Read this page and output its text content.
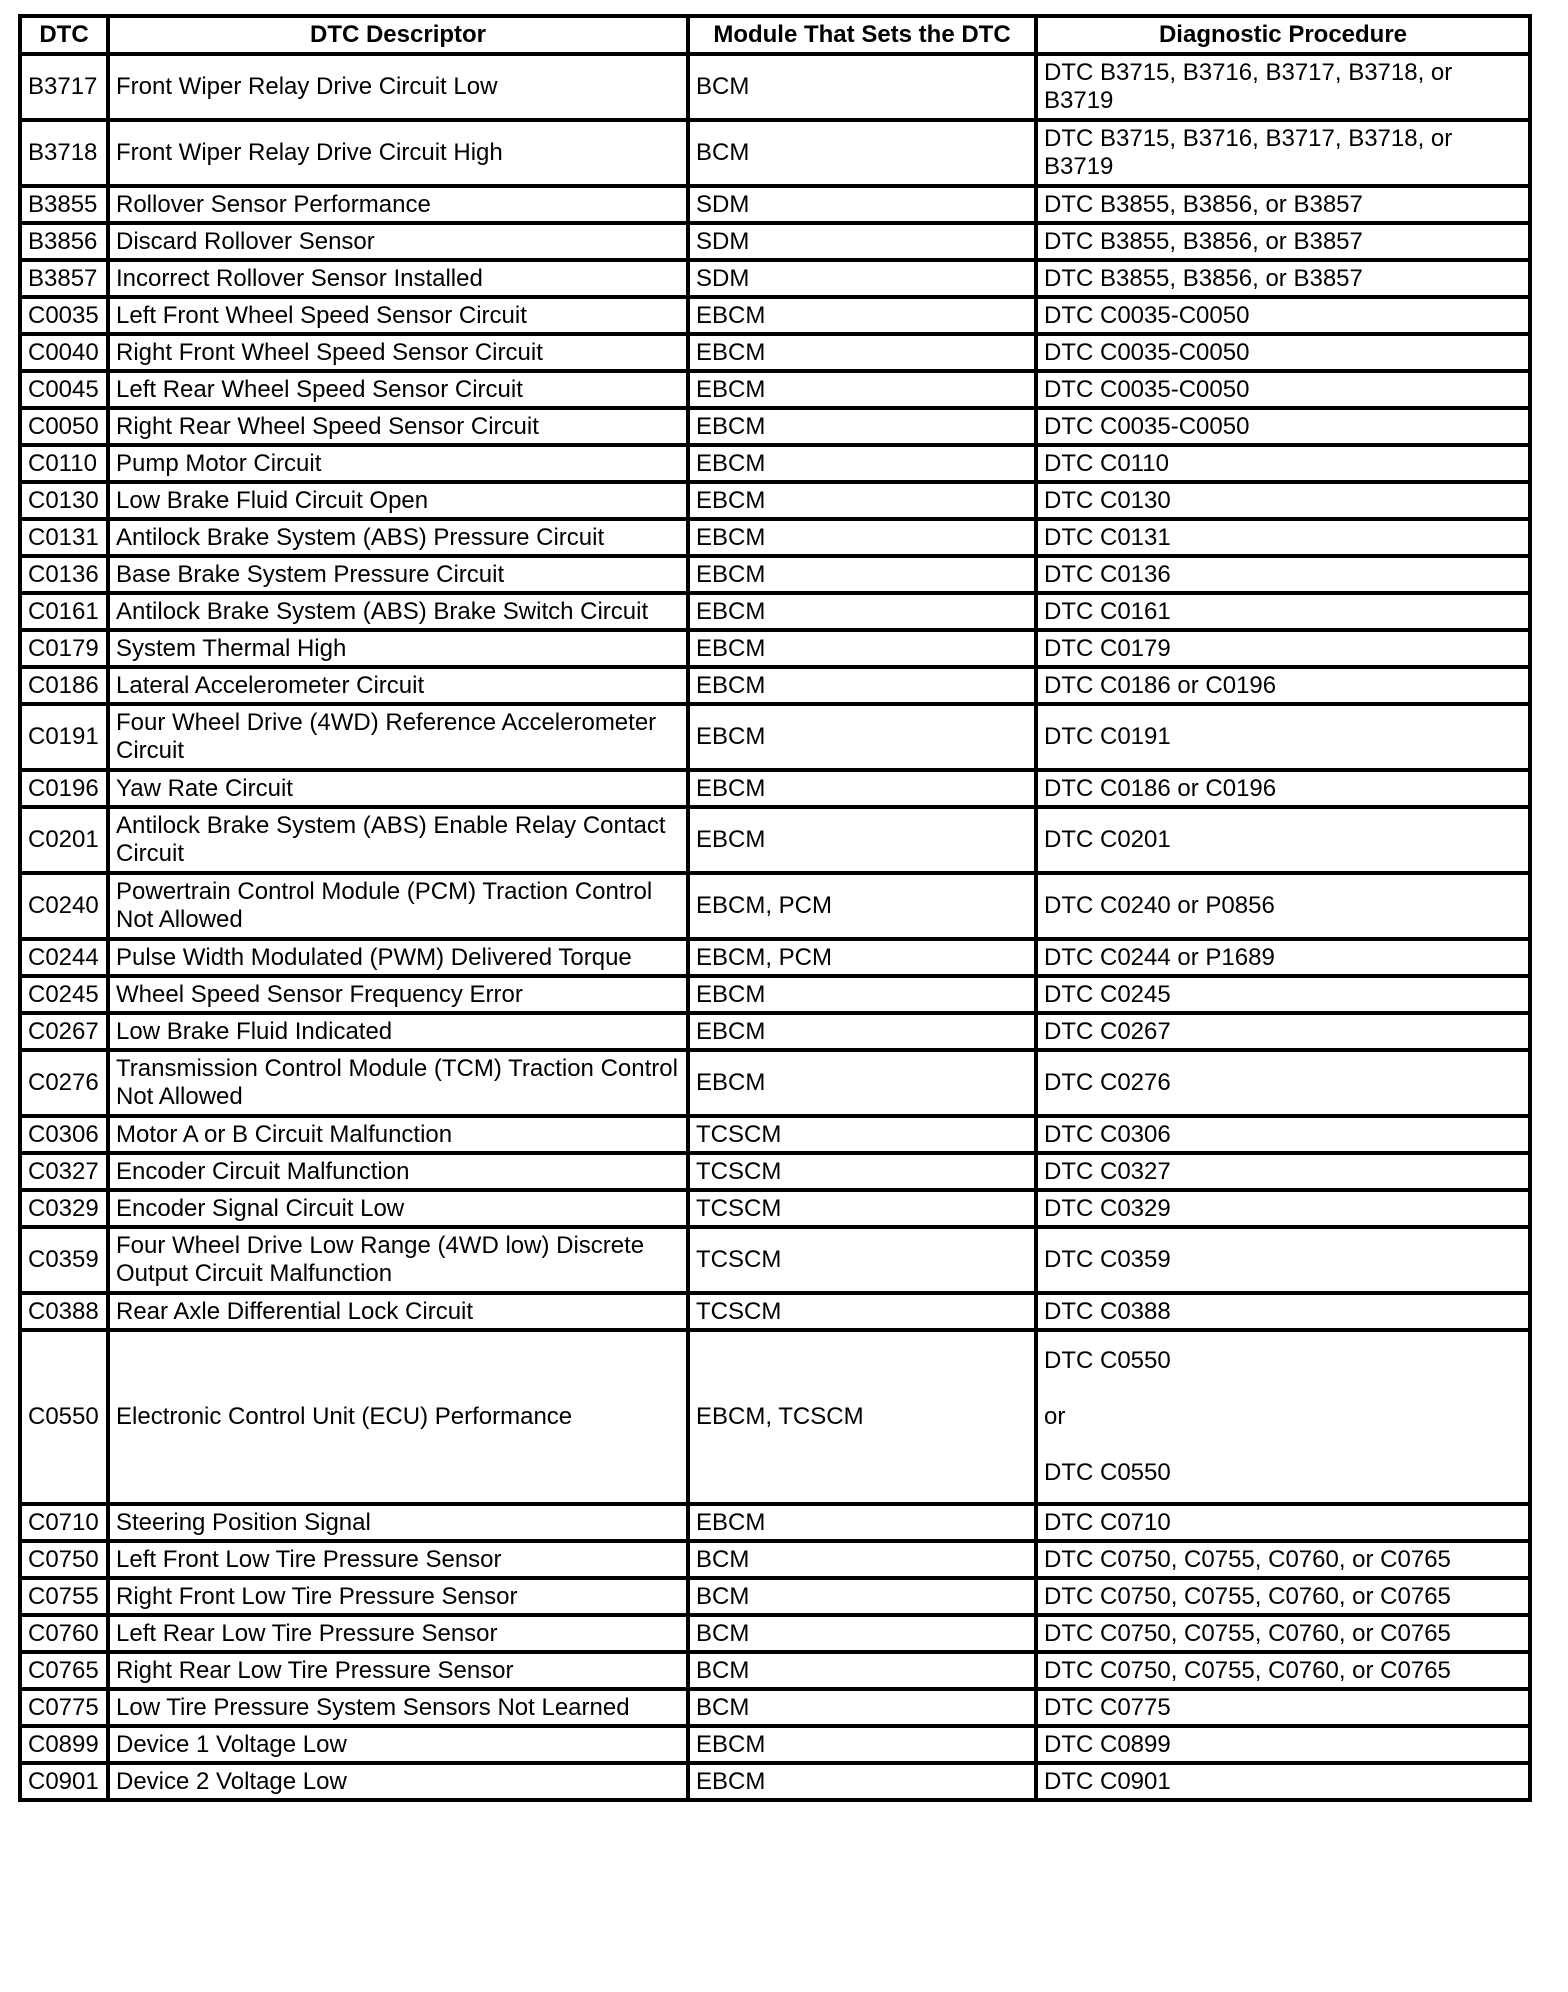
DTC	DTC Descriptor	Module That Sets the DTC	Diagnostic Procedure
B3717	Front Wiper Relay Drive Circuit Low	BCM	DTC B3715, B3716, B3717, B3718, or B3719
B3718	Front Wiper Relay Drive Circuit High	BCM	DTC B3715, B3716, B3717, B3718, or B3719
B3855	Rollover Sensor Performance	SDM	DTC B3855, B3856, or B3857
B3856	Discard Rollover Sensor	SDM	DTC B3855, B3856, or B3857
B3857	Incorrect Rollover Sensor Installed	SDM	DTC B3855, B3856, or B3857
C0035	Left Front Wheel Speed Sensor Circuit	EBCM	DTC C0035-C0050
C0040	Right Front Wheel Speed Sensor Circuit	EBCM	DTC C0035-C0050
C0045	Left Rear Wheel Speed Sensor Circuit	EBCM	DTC C0035-C0050
C0050	Right Rear Wheel Speed Sensor Circuit	EBCM	DTC C0035-C0050
C0110	Pump Motor Circuit	EBCM	DTC C0110
C0130	Low Brake Fluid Circuit Open	EBCM	DTC C0130
C0131	Antilock Brake System (ABS) Pressure Circuit	EBCM	DTC C0131
C0136	Base Brake System Pressure Circuit	EBCM	DTC C0136
C0161	Antilock Brake System (ABS) Brake Switch Circuit	EBCM	DTC C0161
C0179	System Thermal High	EBCM	DTC C0179
C0186	Lateral Accelerometer Circuit	EBCM	DTC C0186 or C0196
C0191	Four Wheel Drive (4WD) Reference Accelerometer Circuit	EBCM	DTC C0191
C0196	Yaw Rate Circuit	EBCM	DTC C0186 or C0196
C0201	Antilock Brake System (ABS) Enable Relay Contact Circuit	EBCM	DTC C0201
C0240	Powertrain Control Module (PCM) Traction Control Not Allowed	EBCM, PCM	DTC C0240 or P0856
C0244	Pulse Width Modulated (PWM) Delivered Torque	EBCM, PCM	DTC C0244 or P1689
C0245	Wheel Speed Sensor Frequency Error	EBCM	DTC C0245
C0267	Low Brake Fluid Indicated	EBCM	DTC C0267
C0276	Transmission Control Module (TCM) Traction Control Not Allowed	EBCM	DTC C0276
C0306	Motor A or B Circuit Malfunction	TCSCM	DTC C0306
C0327	Encoder Circuit Malfunction	TCSCM	DTC C0327
C0329	Encoder Signal Circuit Low	TCSCM	DTC C0329
C0359	Four Wheel Drive Low Range (4WD low) Discrete Output Circuit Malfunction	TCSCM	DTC C0359
C0388	Rear Axle Differential Lock Circuit	TCSCM	DTC C0388
C0550	Electronic Control Unit (ECU) Performance	EBCM, TCSCM	DTC C0550
or
DTC C0550

C0710	Steering Position Signal	EBCM	DTC C0710
C0750	Left Front Low Tire Pressure Sensor	BCM	DTC C0750, C0755, C0760, or C0765
C0755	Right Front Low Tire Pressure Sensor	BCM	DTC C0750, C0755, C0760, or C0765
C0760	Left Rear Low Tire Pressure Sensor	BCM	DTC C0750, C0755, C0760, or C0765
C0765	Right Rear Low Tire Pressure Sensor	BCM	DTC C0750, C0755, C0760, or C0765
C0775	Low Tire Pressure System Sensors Not Learned	BCM	DTC C0775
C0899	Device 1 Voltage Low	EBCM	DTC C0899
C0901	Device 2 Voltage Low	EBCM	DTC C0901
